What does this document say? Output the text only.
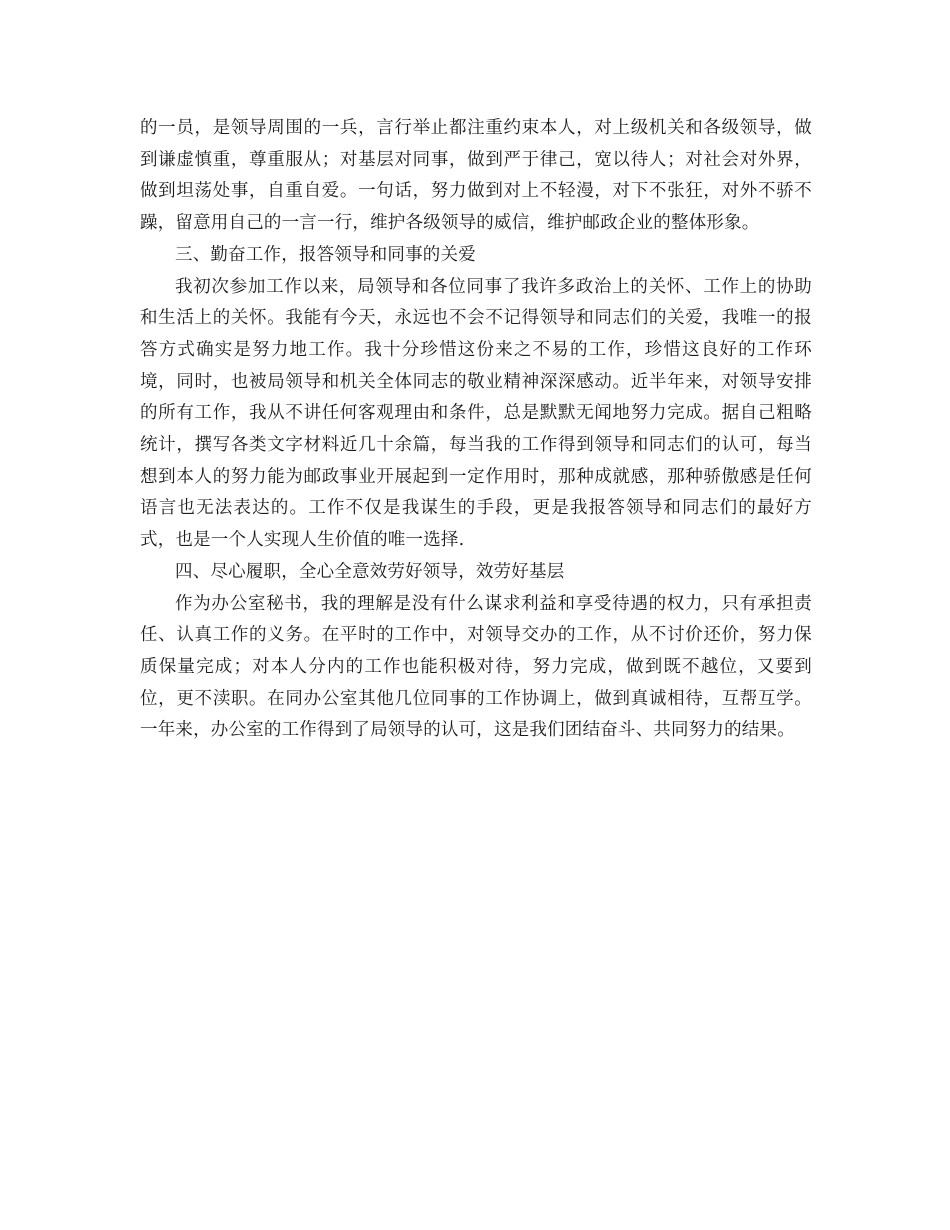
的一员，是领导周围的一兵，言行举止都注重约束本人，对上级机关和各级领导，做到谦虚慎重，尊重服从；对基层对同事，做到严于律己，宽以待人；对社会对外界，做到坦荡处事，自重自爱。一句话，努力做到对上不轻漫，对下不张狂，对外不骄不躁，留意用自己的一言一行，维护各级领导的威信，维护邮政企业的整体形象。

三、勤奋工作，报答领导和同事的关爱

我初次参加工作以来，局领导和各位同事了我许多政治上的关怀、工作上的协助和生活上的关怀。我能有今天，永远也不会不记得领导和同志们的关爱，我唯一的报答方式确实是努力地工作。我十分珍惜这份来之不易的工作，珍惜这良好的工作环境，同时，也被局领导和机关全体同志的敬业精神深深感动。近半年来，对领导安排的所有工作，我从不讲任何客观理由和条件，总是默默无闻地努力完成。据自己粗略统计，撰写各类文字材料近几十余篇，每当我的工作得到领导和同志们的认可，每当想到本人的努力能为邮政事业开展起到一定作用时，那种成就感，那种骄傲感是任何语言也无法表达的。工作不仅是我谋生的手段，更是我报答领导和同志们的最好方式，也是一个人实现人生价值的唯一选择.

四、尽心履职，全心全意效劳好领导，效劳好基层

作为办公室秘书，我的理解是没有什么谋求利益和享受待遇的权力，只有承担责任、认真工作的义务。在平时的工作中，对领导交办的工作，从不讨价还价，努力保质保量完成；对本人分内的工作也能积极对待，努力完成，做到既不越位，又要到位，更不渎职。在同办公室其他几位同事的工作协调上，做到真诚相待，互帮互学。一年来，办公室的工作得到了局领导的认可，这是我们团结奋斗、共同努力的结果。
